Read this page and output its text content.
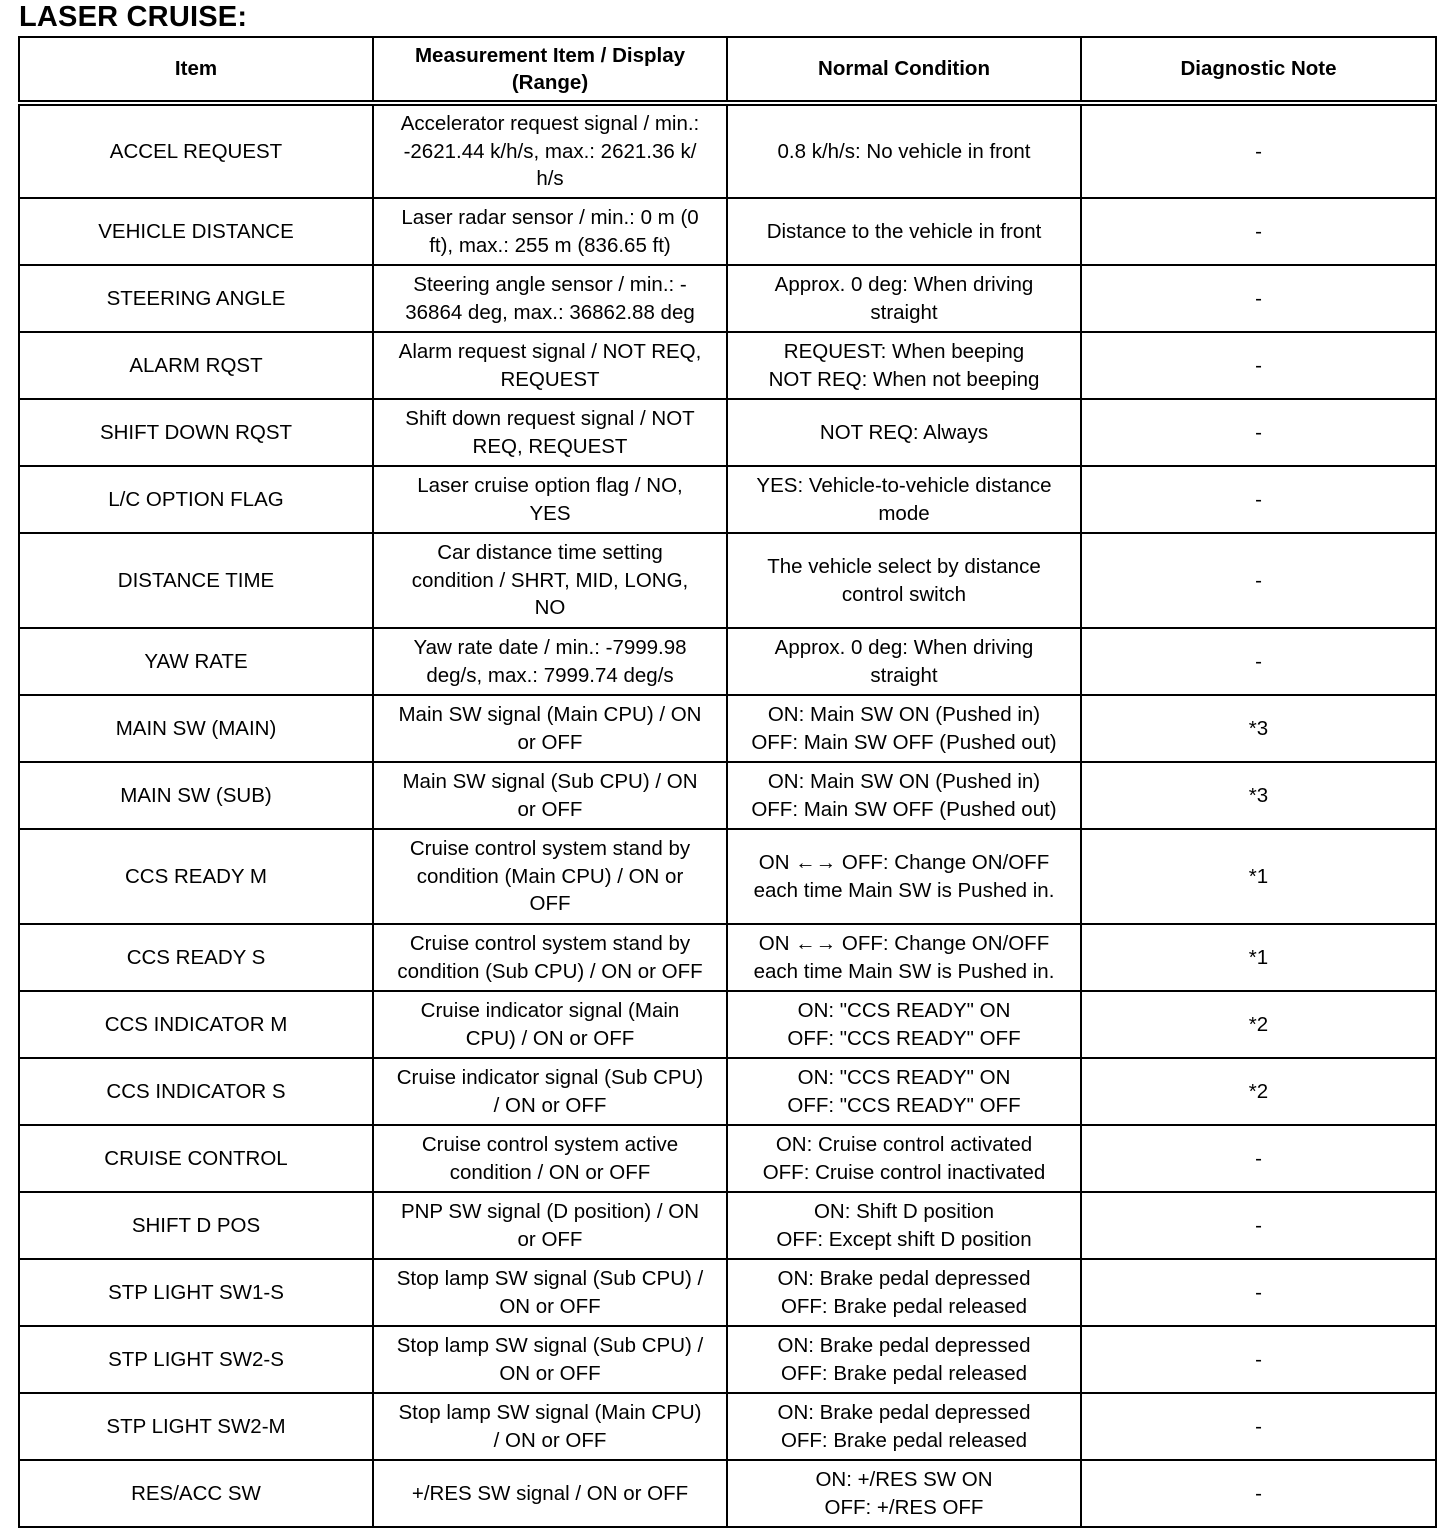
LASER CRUISE:
Item	Measurement Item / Display
(Range)	Normal Condition	Diagnostic Note
ACCEL REQUEST	Accelerator request signal / min.:
-2621.44 k/h/s, max.: 2621.36 k/
h/s	0.8 k/h/s: No vehicle in front	-
VEHICLE DISTANCE	Laser radar sensor / min.: 0 m (0
ft), max.: 255 m (836.65 ft)	Distance to the vehicle in front	-
STEERING ANGLE	Steering angle sensor / min.: -
36864 deg, max.: 36862.88 deg	Approx. 0 deg: When driving
straight	-
ALARM RQST	Alarm request signal / NOT REQ,
REQUEST	REQUEST: When beeping
NOT REQ: When not beeping	-
SHIFT DOWN RQST	Shift down request signal / NOT
REQ, REQUEST	NOT REQ: Always	-
L/C OPTION FLAG	Laser cruise option flag / NO,
YES	YES: Vehicle-to-vehicle distance
mode	-
DISTANCE TIME	Car distance time setting
condition / SHRT, MID, LONG,
NO	The vehicle select by distance
control switch	-
YAW RATE	Yaw rate date / min.: -7999.98
deg/s, max.: 7999.74 deg/s	Approx. 0 deg: When driving
straight	-
MAIN SW (MAIN)	Main SW signal (Main CPU) / ON
or OFF	ON: Main SW ON (Pushed in)
OFF: Main SW OFF (Pushed out)	*3
MAIN SW (SUB)	Main SW signal (Sub CPU) / ON
or OFF	ON: Main SW ON (Pushed in)
OFF: Main SW OFF (Pushed out)	*3
CCS READY M	Cruise control system stand by
condition (Main CPU) / ON or
OFF	ON ←→ OFF: Change ON/OFF
each time Main SW is Pushed in.	*1
CCS READY S	Cruise control system stand by
condition (Sub CPU) / ON or OFF	ON ←→ OFF: Change ON/OFF
each time Main SW is Pushed in.	*1
CCS INDICATOR M	Cruise indicator signal (Main
CPU) / ON or OFF	ON: "CCS READY" ON
OFF: "CCS READY" OFF	*2
CCS INDICATOR S	Cruise indicator signal (Sub CPU)
/ ON or OFF	ON: "CCS READY" ON
OFF: "CCS READY" OFF	*2
CRUISE CONTROL	Cruise control system active
condition / ON or OFF	ON: Cruise control activated
OFF: Cruise control inactivated	-
SHIFT D POS	PNP SW signal (D position) / ON
or OFF	ON: Shift D position
OFF: Except shift D position	-
STP LIGHT SW1-S	Stop lamp SW signal (Sub CPU) /
ON or OFF	ON: Brake pedal depressed
OFF: Brake pedal released	-
STP LIGHT SW2-S	Stop lamp SW signal (Sub CPU) /
ON or OFF	ON: Brake pedal depressed
OFF: Brake pedal released	-
STP LIGHT SW2-M	Stop lamp SW signal (Main CPU)
/ ON or OFF	ON: Brake pedal depressed
OFF: Brake pedal released	-
RES/ACC SW	+/RES SW signal / ON or OFF	ON: +/RES SW ON
OFF: +/RES OFF	-
